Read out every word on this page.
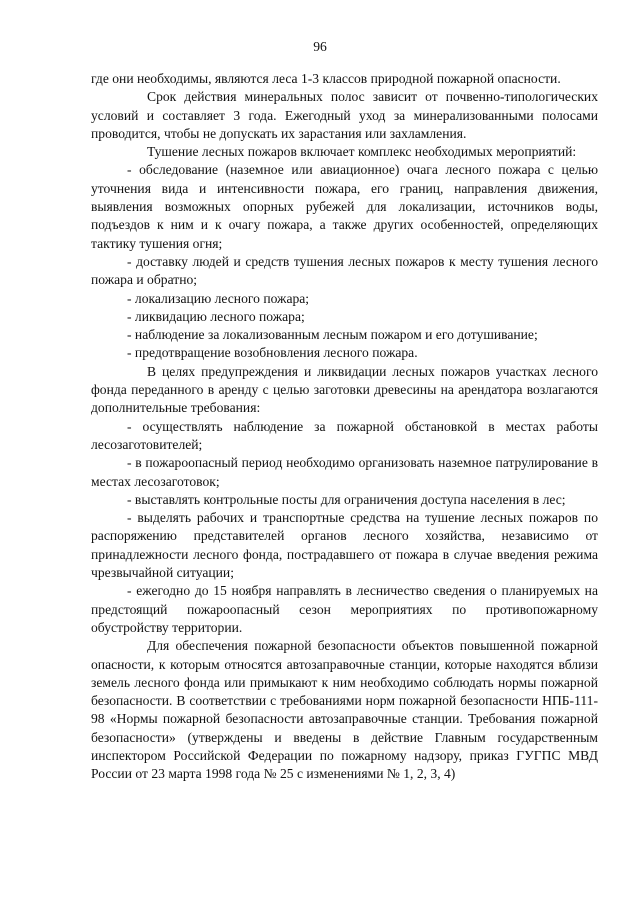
96

где они необходимы, являются леса 1-3 классов природной пожарной опасности.

Срок действия минеральных полос зависит от почвенно-типологических условий и составляет 3 года. Ежегодный уход за минерализованными полосами проводится, чтобы не допускать их зарастания или захламления.

Тушение лесных пожаров включает комплекс необходимых мероприятий:

- обследование (наземное или авиационное) очага лесного пожара с целью уточнения вида и интенсивности пожара, его границ, направления движения, выявления возможных опорных рубежей для локализации, источников воды, подъездов к ним и к очагу пожара, а также других особенностей, определяющих тактику тушения огня;

- доставку людей и средств тушения лесных пожаров к месту тушения лесного пожара и обратно;

- локализацию лесного пожара;

- ликвидацию лесного пожара;

- наблюдение за локализованным лесным пожаром и его дотушивание;

- предотвращение возобновления лесного пожара.

В целях предупреждения и ликвидации лесных пожаров участках лесного фонда переданного в аренду с целью заготовки древесины на арендатора возлагаются дополнительные требования:

- осуществлять наблюдение за пожарной обстановкой в местах работы лесозаготовителей;

- в пожароопасный период необходимо организовать наземное патрулирование в местах лесозаготовок;

- выставлять контрольные посты для ограничения доступа населения в лес;

- выделять рабочих и транспортные средства на тушение лесных пожаров по распоряжению представителей органов лесного хозяйства, независимо от принадлежности лесного фонда, пострадавшего от пожара в случае введения режима чрезвычайной ситуации;

- ежегодно до 15 ноября направлять в лесничество сведения о планируемых на предстоящий пожароопасный сезон мероприятиях по противопожарному обустройству территории.

Для обеспечения пожарной безопасности объектов повышенной пожарной опасности, к которым относятся автозаправочные станции, которые находятся вблизи земель лесного фонда или примыкают к ним необходимо соблюдать нормы пожарной безопасности. В соответствии с требованиями норм пожарной безопасности НПБ-111-98 «Нормы пожарной безопасности автозаправочные станции. Требования пожарной безопасности» (утверждены и введены в действие Главным государственным инспектором Российской Федерации по пожарному надзору, приказ ГУГПС МВД России от 23 марта 1998 года № 25 с изменениями № 1, 2, 3, 4)
